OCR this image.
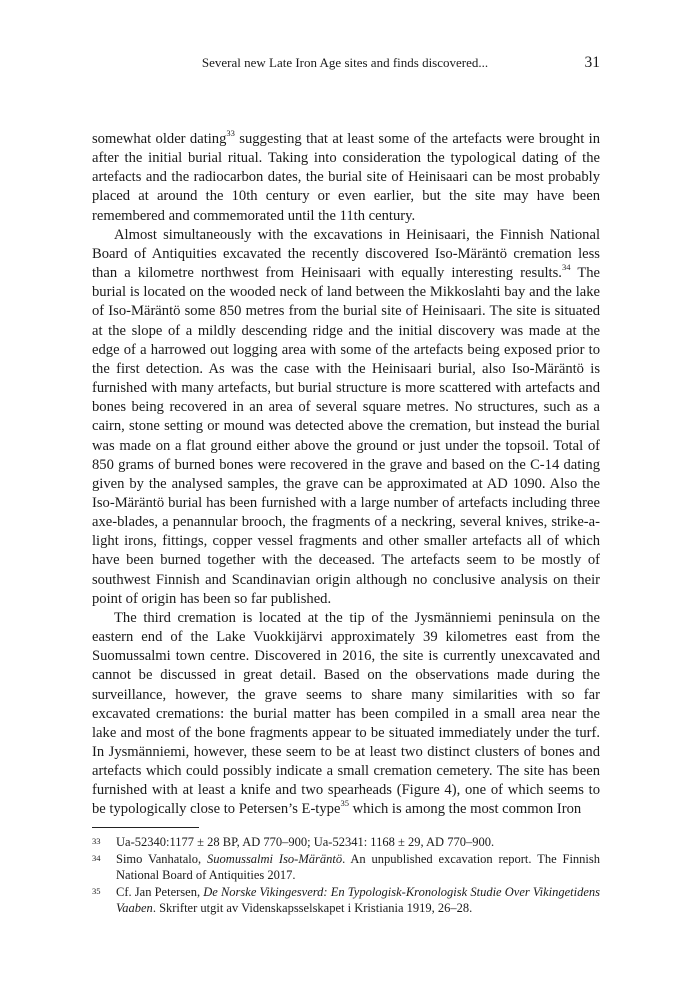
Several new Late Iron Age sites and finds discovered...	31

somewhat older dating$^{33}$ suggesting that at least some of the artefacts were brought in after the initial burial ritual. Taking into consideration the typological dating of the artefacts and the radiocarbon dates, the burial site of Heinisaari can be most probably placed at around the 10th century or even earlier, but the site may have been remembered and commemorated until the 11th century.

Almost simultaneously with the excavations in Heinisaari, the Finnish National Board of Antiquities excavated the recently discovered Iso-Märäntö cremation less than a kilometre northwest from Heinisaari with equally interesting results.$^{34}$ The burial is located on the wooded neck of land between the Mikkoslahti bay and the lake of Iso-Märäntö some 850 metres from the burial site of Heinisaari. The site is situated at the slope of a mildly descending ridge and the initial discovery was made at the edge of a harrowed out logging area with some of the artefacts being exposed prior to the first detection. As was the case with the Heinisaari burial, also Iso-Märäntö is furnished with many artefacts, but burial structure is more scattered with artefacts and bones being recovered in an area of several square metres. No structures, such as a cairn, stone setting or mound was detected above the cremation, but instead the burial was made on a flat ground either above the ground or just under the topsoil. Total of 850 grams of burned bones were recovered in the grave and based on the C-14 dating given by the analysed samples, the grave can be approximated at AD 1090. Also the Iso-Märäntö burial has been furnished with a large number of artefacts including three axe-blades, a penannular brooch, the fragments of a neckring, several knives, strike-a-light irons, fittings, copper vessel fragments and other smaller artefacts all of which have been burned together with the deceased. The artefacts seem to be mostly of southwest Finnish and Scandinavian origin although no conclusive analysis on their point of origin has been so far published.

The third cremation is located at the tip of the Jysmänniemi peninsula on the eastern end of the Lake Vuokkijärvi approximately 39 kilometres east from the Suomussalmi town centre. Discovered in 2016, the site is currently unexcavated and cannot be discussed in great detail. Based on the observations made during the surveillance, however, the grave seems to share many similarities with so far excavated cremations: the burial matter has been compiled in a small area near the lake and most of the bone fragments appear to be situated immediately under the turf. In Jysmänniemi, however, these seem to be at least two distinct clusters of bones and artefacts which could possibly indicate a small cremation cemetery. The site has been furnished with at least a knife and two spearheads (Figure 4), one of which seems to be typologically close to Petersen’s E-type$^{35}$ which is among the most common Iron

33 Ua-52340:1177 ± 28 BP, AD 770–900; Ua-52341: 1168 ± 29, AD 770–900.
34 Simo Vanhatalo, Suomussalmi Iso-Märäntö. An unpublished excavation report. The Finnish National Board of Antiquities 2017.
35 Cf. Jan Petersen, De Norske Vikingesverd: En Typologisk-Kronologisk Studie Over Vikingetidens Vaaben. Skrifter utgit av Videnskapsselskapet i Kristiania 1919, 26–28.
